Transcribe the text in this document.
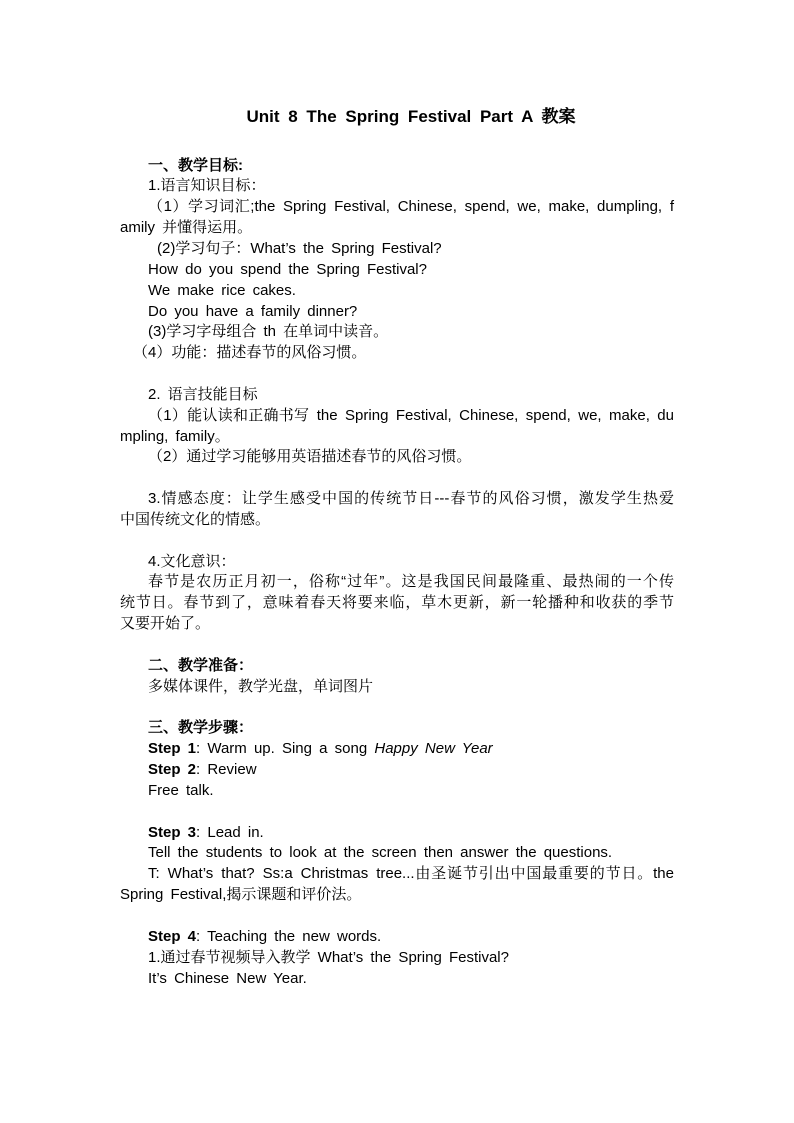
Unit 8 The Spring Festival Part A 教案
一、教学目标:
1.语言知识目标：
（1）学习词汇;the Spring Festival, Chinese, spend, we, make, dumpling, f
amily 并懂得运用。
(2)学习句子：What’s the Spring Festival?
How do you spend the Spring Festival?
We make rice cakes.
Do you have a family dinner?
(3)学习字母组合 th 在单词中读音。
（4）功能：描述春节的风俗习惯。
2. 语言技能目标
（1）能认读和正确书写 the Spring Festival, Chinese, spend, we, make, du
mpling, family。
（2）通过学习能够用英语描述春节的风俗习惯。
3.情感态度：让学生感受中国的传统节日---春节的风俗习惯，激发学生热爱
中国传统文化的情感。
4.文化意识：
春节是农历正月初一，俗称“过年”。这是我国民间最隆重、最热闹的一个传
统节日。春节到了，意味着春天将要来临，草木更新，新一轮播种和收获的季节
又要开始了。
二、教学准备：
多媒体课件，教学光盘，单词图片
三、教学步骤：
Step 1: Warm up. Sing a song Happy New Year
Step 2: Review
Free talk.
Step 3: Lead in.
Tell the students to look at the screen then answer the questions.
T: What’s that? Ss:a Christmas tree...由圣诞节引出中国最重要的节日。the
Spring Festival,揭示课题和评价法。
Step 4: Teaching the new words.
1.通过春节视频导入教学 What’s the Spring Festival?
It’s Chinese New Year.
